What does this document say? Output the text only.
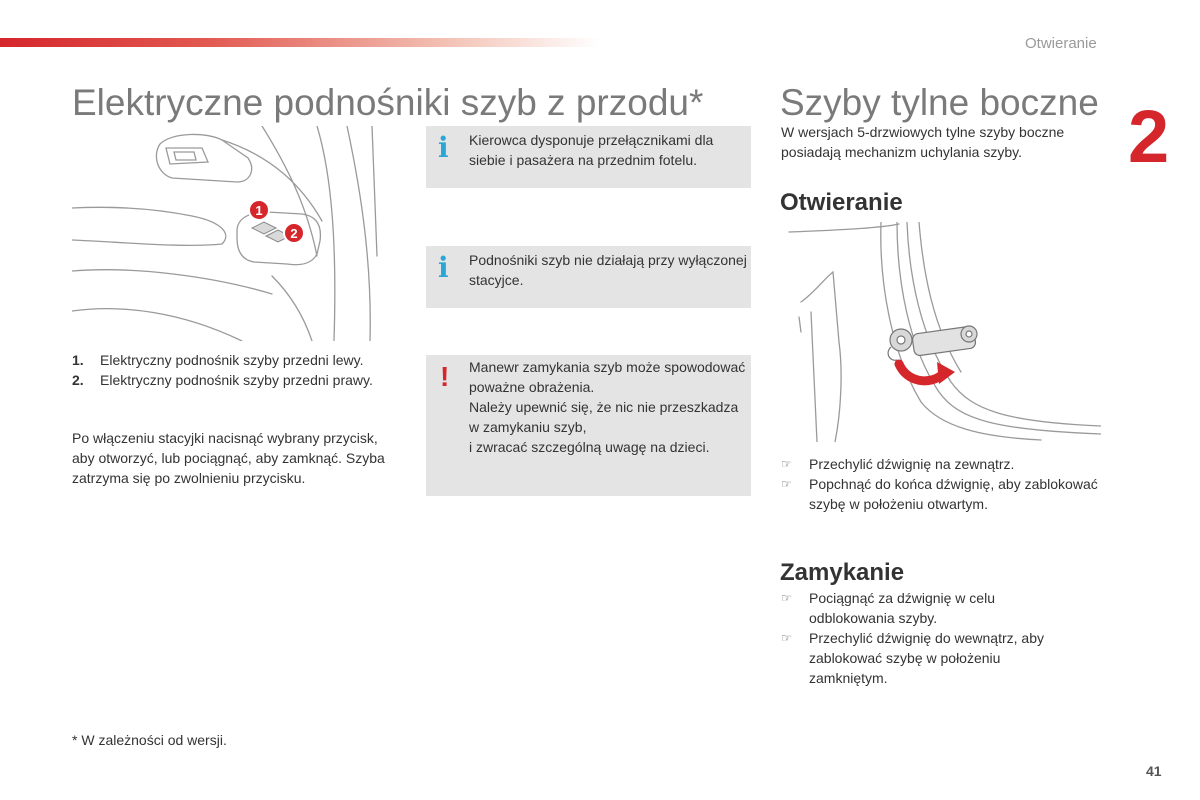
Otwieranie
2
Elektryczne podnośniki szyb z przodu*
1
2
1. Elektryczny podnośnik szyby przedni lewy.
2. Elektryczny podnośnik szyby przedni prawy.

Po włączeniu stacyjki nacisnąć wybrany przycisk, aby otworzyć, lub pociągnąć, aby zamknąć. Szyba zatrzyma się po zwolnieniu przycisku.

i Kierowca dysponuje przełącznikami dla siebie i pasażera na przednim fotelu.
i Podnośniki szyb nie działają przy wyłączonej stacyjce.
! Manewr zamykania szyb może spowodować poważne obrażenia.
Należy upewnić się, że nic nie przeszkadza w zamykaniu szyb,
i zwracać szczególną uwagę na dzieci.
Szyby tylne boczne

W wersjach 5-drzwiowych tylne szyby boczne posiadają mechanizm uchylania szyby.

Otwieranie
☞ Przechylić dźwignię na zewnątrz.
☞ Popchnąć do końca dźwignię, aby zablokować szybę w położeniu otwartym.
Zamykanie
☞ Pociągnąć za dźwignię w celu odblokowania szyby.
☞ Przechylić dźwignię do wewnątrz, aby zablokować szybę w położeniu zamkniętym.
* W zależności od wersji.
41
